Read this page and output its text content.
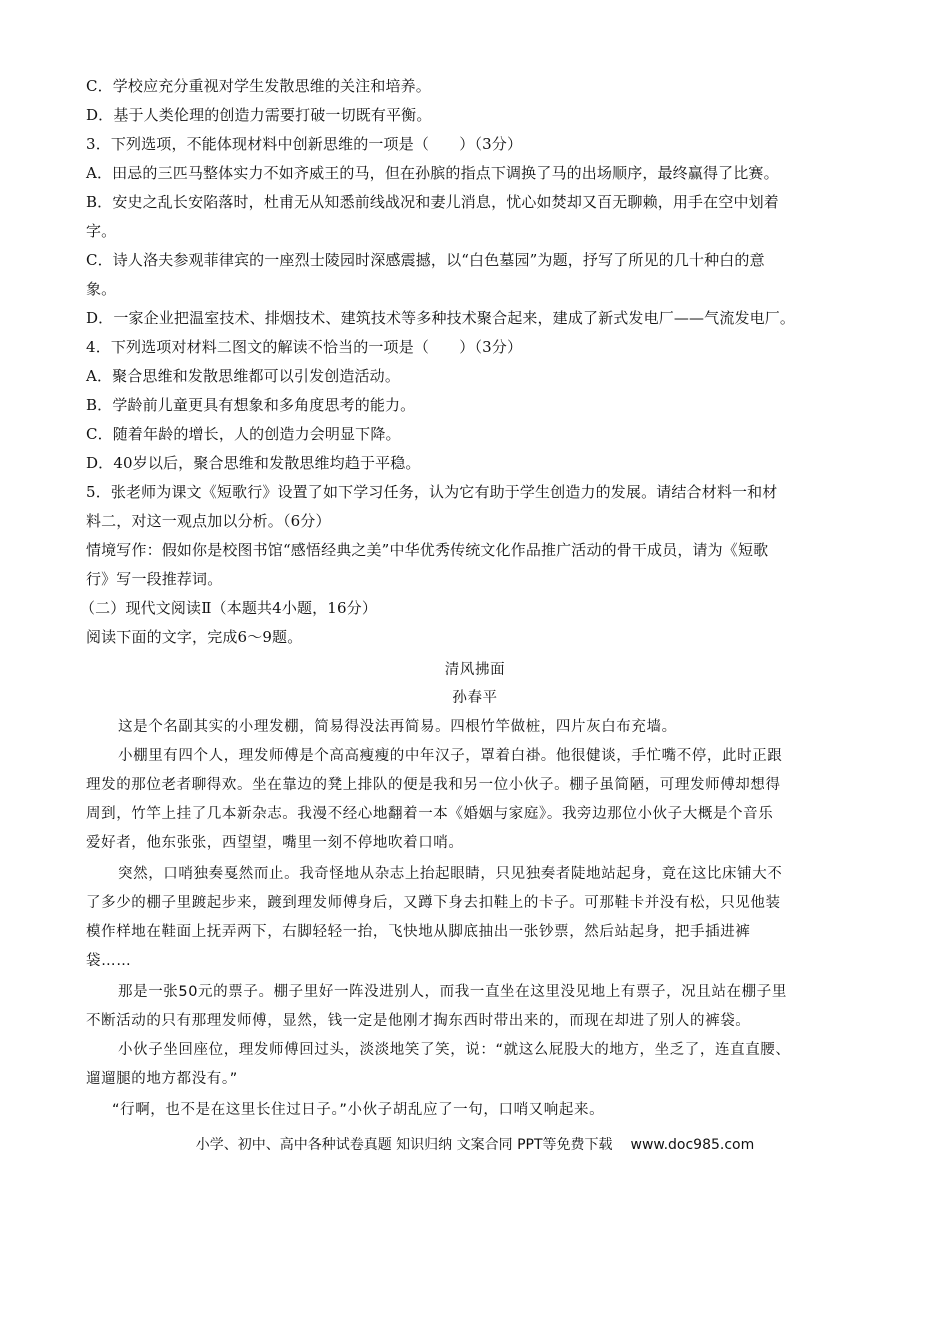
C．学校应充分重视对学生发散思维的关注和培养。
D．基于人类伦理的创造力需要打破一切既有平衡。
3．下列选项，不能体现材料中创新思维的一项是（　　）（3分）
A．田忌的三匹马整体实力不如齐威王的马，但在孙膑的指点下调换了马的出场顺序，最终赢得了比赛。
B．安史之乱长安陷落时，杜甫无从知悉前线战况和妻儿消息，忧心如焚却又百无聊赖，用手在空中划着
字。
C．诗人洛夫参观菲律宾的一座烈士陵园时深感震撼，以“白色墓园”为题，抒写了所见的几十种白的意
象。
D．一家企业把温室技术、排烟技术、建筑技术等多种技术聚合起来，建成了新式发电厂——气流发电厂。
4．下列选项对材料二图文的解读不恰当的一项是（　　）（3分）
A．聚合思维和发散思维都可以引发创造活动。
B．学龄前儿童更具有想象和多角度思考的能力。
C．随着年龄的增长，人的创造力会明显下降。
D．40岁以后，聚合思维和发散思维均趋于平稳。
5．张老师为课文《短歌行》设置了如下学习任务，认为它有助于学生创造力的发展。请结合材料一和材
料二，对这一观点加以分析。（6分）
情境写作：假如你是校图书馆“感悟经典之美”中华优秀传统文化作品推广活动的骨干成员，请为《短歌
行》写一段推荐词。
（二）现代文阅读Ⅱ（本题共4小题，16分）
阅读下面的文字，完成6～9题。
清风拂面
孙春平
这是个名副其实的小理发棚，简易得没法再简易。四根竹竿做桩，四片灰白布充墙。
小棚里有四个人，理发师傅是个高高瘦瘦的中年汉子，罩着白褂。他很健谈，手忙嘴不停，此时正跟
理发的那位老者聊得欢。坐在靠边的凳上排队的便是我和另一位小伙子。棚子虽简陋，可理发师傅却想得
周到，竹竿上挂了几本新杂志。我漫不经心地翻着一本《婚姻与家庭》。我旁边那位小伙子大概是个音乐
爱好者，他东张张，西望望，嘴里一刻不停地吹着口哨。
突然，口哨独奏戛然而止。我奇怪地从杂志上抬起眼睛，只见独奏者陡地站起身，竟在这比床铺大不
了多少的棚子里踱起步来，踱到理发师傅身后，又蹲下身去扣鞋上的卡子。可那鞋卡并没有松，只见他装
模作样地在鞋面上抚弄两下，右脚轻轻一抬，飞快地从脚底抽出一张钞票，然后站起身，把手插进裤
袋……
那是一张50元的票子。棚子里好一阵没进别人，而我一直坐在这里没见地上有票子，况且站在棚子里
不断活动的只有那理发师傅，显然，钱一定是他刚才掏东西时带出来的，而现在却进了别人的裤袋。
小伙子坐回座位，理发师傅回过头，淡淡地笑了笑，说：“就这么屁股大的地方，坐乏了，连直直腰、
遛遛腿的地方都没有。”
“行啊，也不是在这里长住过日子。”小伙子胡乱应了一句，口哨又响起来。
小学、初中、高中各种试卷真题 知识归纳 文案合同 PPT等免费下载 www.doc985.com
